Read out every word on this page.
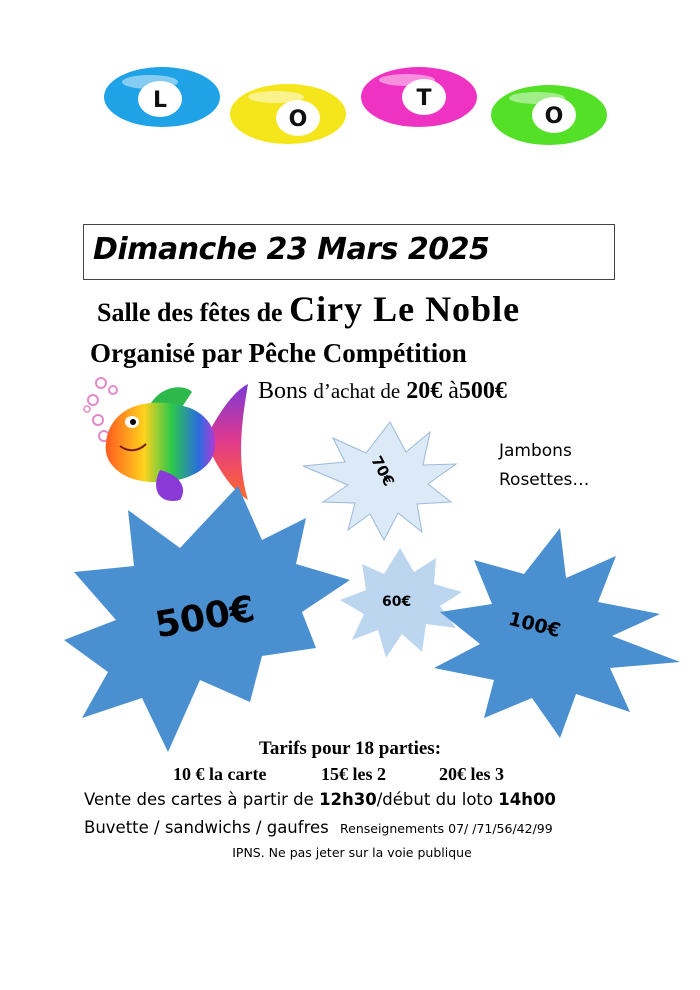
L
O
T
O
Dimanche 23 Mars 2025
Salle des fêtes de Ciry Le Noble
Organisé par Pêche Compétition
Bons d’achat de 20€ à500€
Jambons
Rosettes…
70€
500€	60€
100€
Tarifs pour 18 parties:
10 € la carte	15€ les 2	20€ les 3
Vente des cartes à partir de 12h30/début du loto 14h00
Buvette / sandwichs / gaufres Renseignements 07/ /71/56/42/99
IPNS. Ne pas jeter sur la voie publique
